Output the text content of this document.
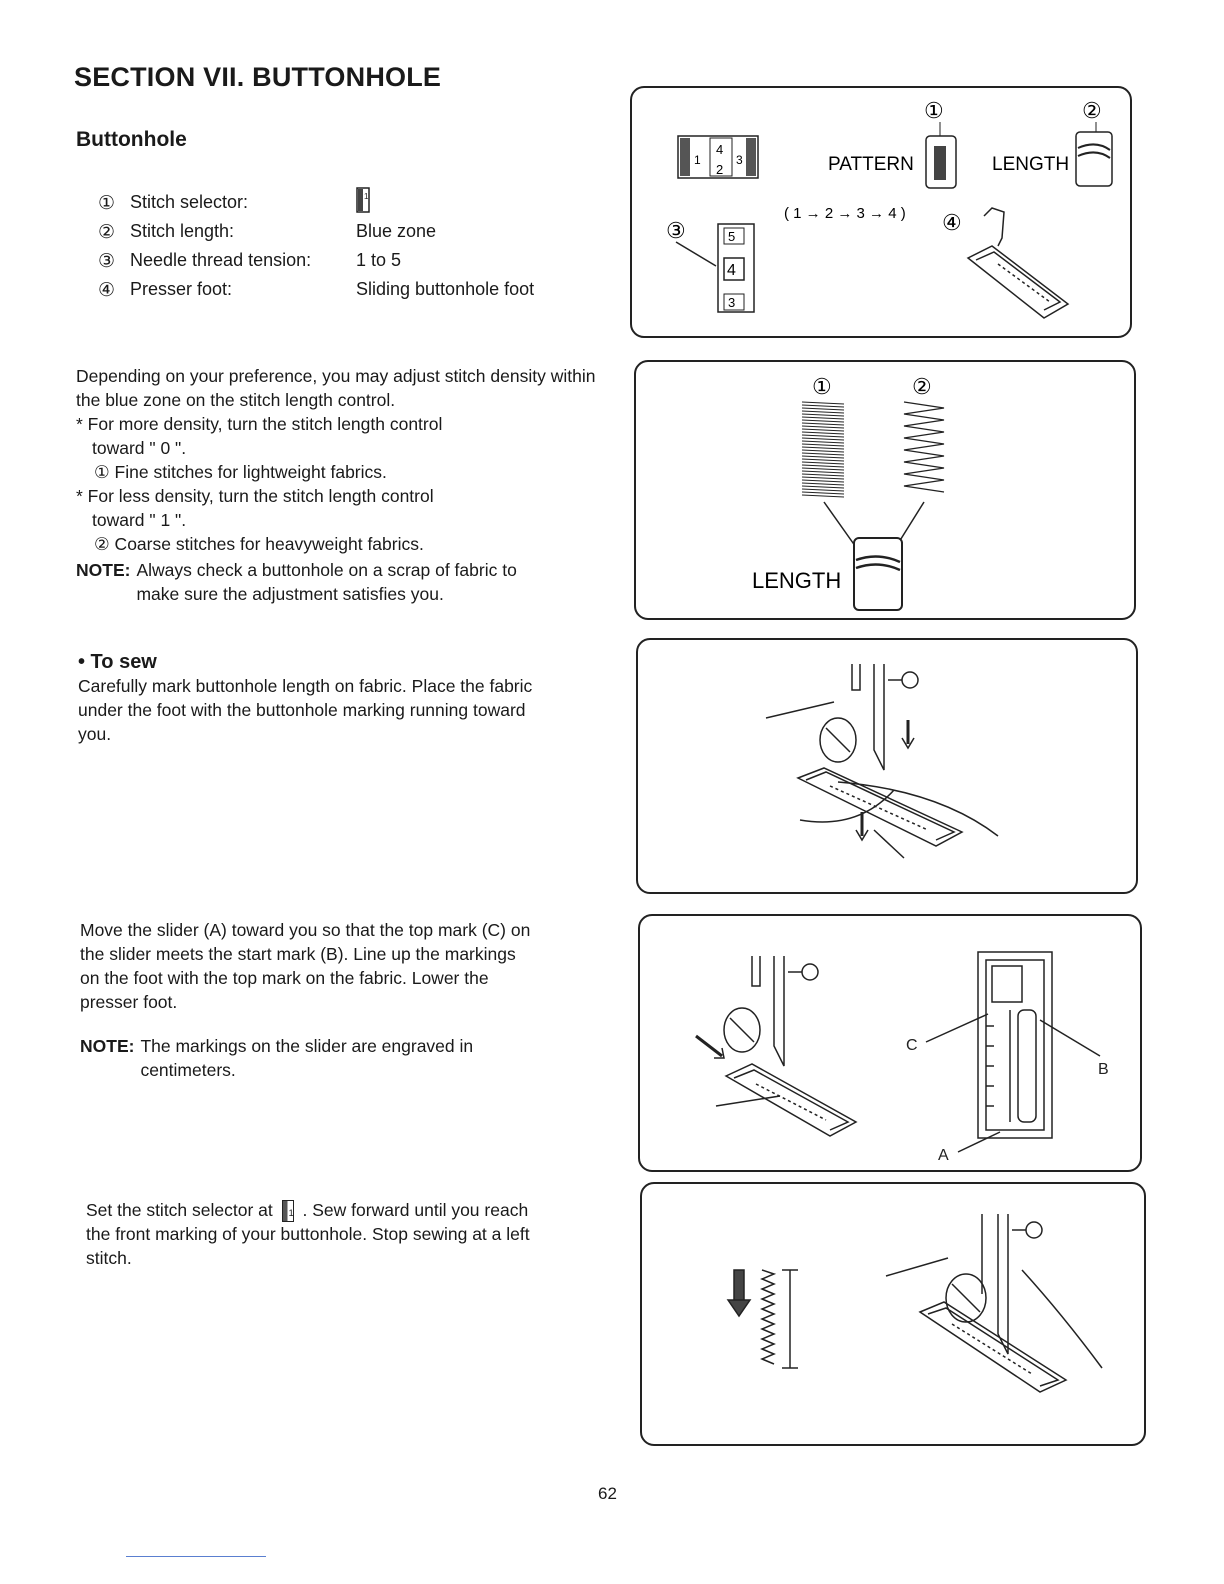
SECTION VII. BUTTONHOLE
Buttonhole
① Stitch selector:	1
② Stitch length:	Blue zone
③ Needle thread tension:	1 to 5
④ Presser foot:	Sliding buttonhole foot

Depending on your preference, you may adjust stitch density within the blue zone on the stitch length control.

* For more density, turn the stitch length control

toward " 0 ".

① Fine stitches for lightweight fabrics.

* For less density, turn the stitch length control

toward " 1 ".

② Coarse stitches for heavyweight fabrics.

NOTE: Always check a buttonhole on a scrap of fabric to make sure the adjustment satisfies you.

• To sew

Carefully mark buttonhole length on fabric. Place the fabric under the foot with the buttonhole marking running toward you.

Move the slider (A) toward you so that the top mark (C) on the slider meets the start mark (B). Line up the markings on the foot with the top mark on the fabric. Lower the presser foot.

NOTE: The markings on the slider are engraved in centimeters.

Set the stitch selector at 1 . Sew forward until you reach the front marking of your buttonhole. Stop sewing at a left stitch.

①	②
③	④
1
4
2
3	PATTERN	LENGTH
( 1 → 2 → 3 → 4 )
5
4
3
①	②
LENGTH
C
B
A
62
